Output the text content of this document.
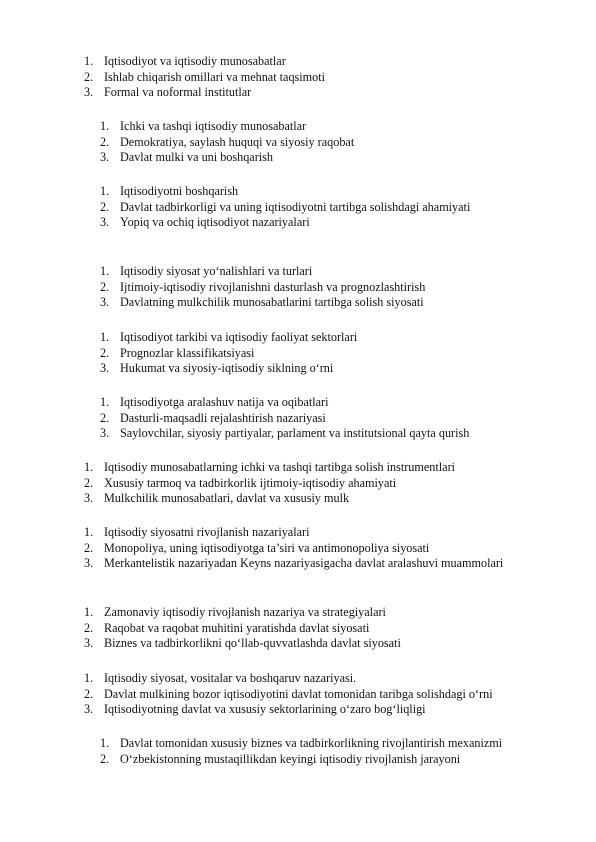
1. Iqtisodiyot va iqtisodiy munosabatlar
2. Ishlab chiqarish omillari va mehnat taqsimoti
3. Formal va noformal institutlar
1. Ichki va tashqi iqtisodiy munosabatlar
2. Demokratiya, saylash huquqi va siyosiy raqobat
3. Davlat mulki va uni boshqarish
1. Iqtisodiyotni boshqarish
2. Davlat tadbirkorligi va uning iqtisodiyotni tartibga solishdagi ahamiyati
3. Yopiq va ochiq iqtisodiyot nazariyalari
1. Iqtisodiy siyosat yo‘nalishlari va turlari
2. Ijtimoiy-iqtisodiy rivojlanishni dasturlash va prognozlashtirish
3. Davlatning mulkchilik munosabatlarini tartibga solish siyosati
1. Iqtisodiyot tarkibi va iqtisodiy faoliyat sektorlari
2. Prognozlar klassifikatsiyasi
3. Hukumat va siyosiy-iqtisodiy siklning o‘rni
1. Iqtisodiyotga aralashuv natija va oqibatlari
2. Dasturli-maqsadli rejalashtirish nazariyasi
3. Saylovchilar, siyosiy partiyalar, parlament va institutsional qayta qurish
1. Iqtisodiy munosabatlarning ichki va tashqi tartibga solish instrumentlari
2. Xususiy tarmoq va tadbirkorlik ijtimoiy-iqtisodiy ahamiyati
3. Mulkchilik munosabatlari, davlat va xususiy mulk
1. Iqtisodiy siyosatni rivojlanish nazariyalari
2. Monopoliya, uning iqtisodiyotga ta’siri va antimonopoliya siyosati
3. Merkantelistik nazariyadan Keyns nazariyasigacha davlat aralashuvi muammolari
1. Zamonaviy iqtisodiy rivojlanish nazariya va strategiyalari
2. Raqobat va raqobat muhitini yaratishda davlat siyosati
3. Biznes va tadbirkorlikni qo‘llab-quvvatlashda davlat siyosati
1. Iqtisodiy siyosat, vositalar va boshqaruv nazariyasi.
2. Davlat mulkining bozor iqtisodiyotini davlat tomonidan taribga solishdagi o‘rni
3. Iqtisodiyotning davlat va xususiy sektorlarining o‘zaro bog‘liqligi
1. Davlat tomonidan xususiy biznes va tadbirkorlikning rivojlantirish mexanizmi
2. O‘zbekistonning mustaqillikdan keyingi iqtisodiy rivojlanish jarayoni
